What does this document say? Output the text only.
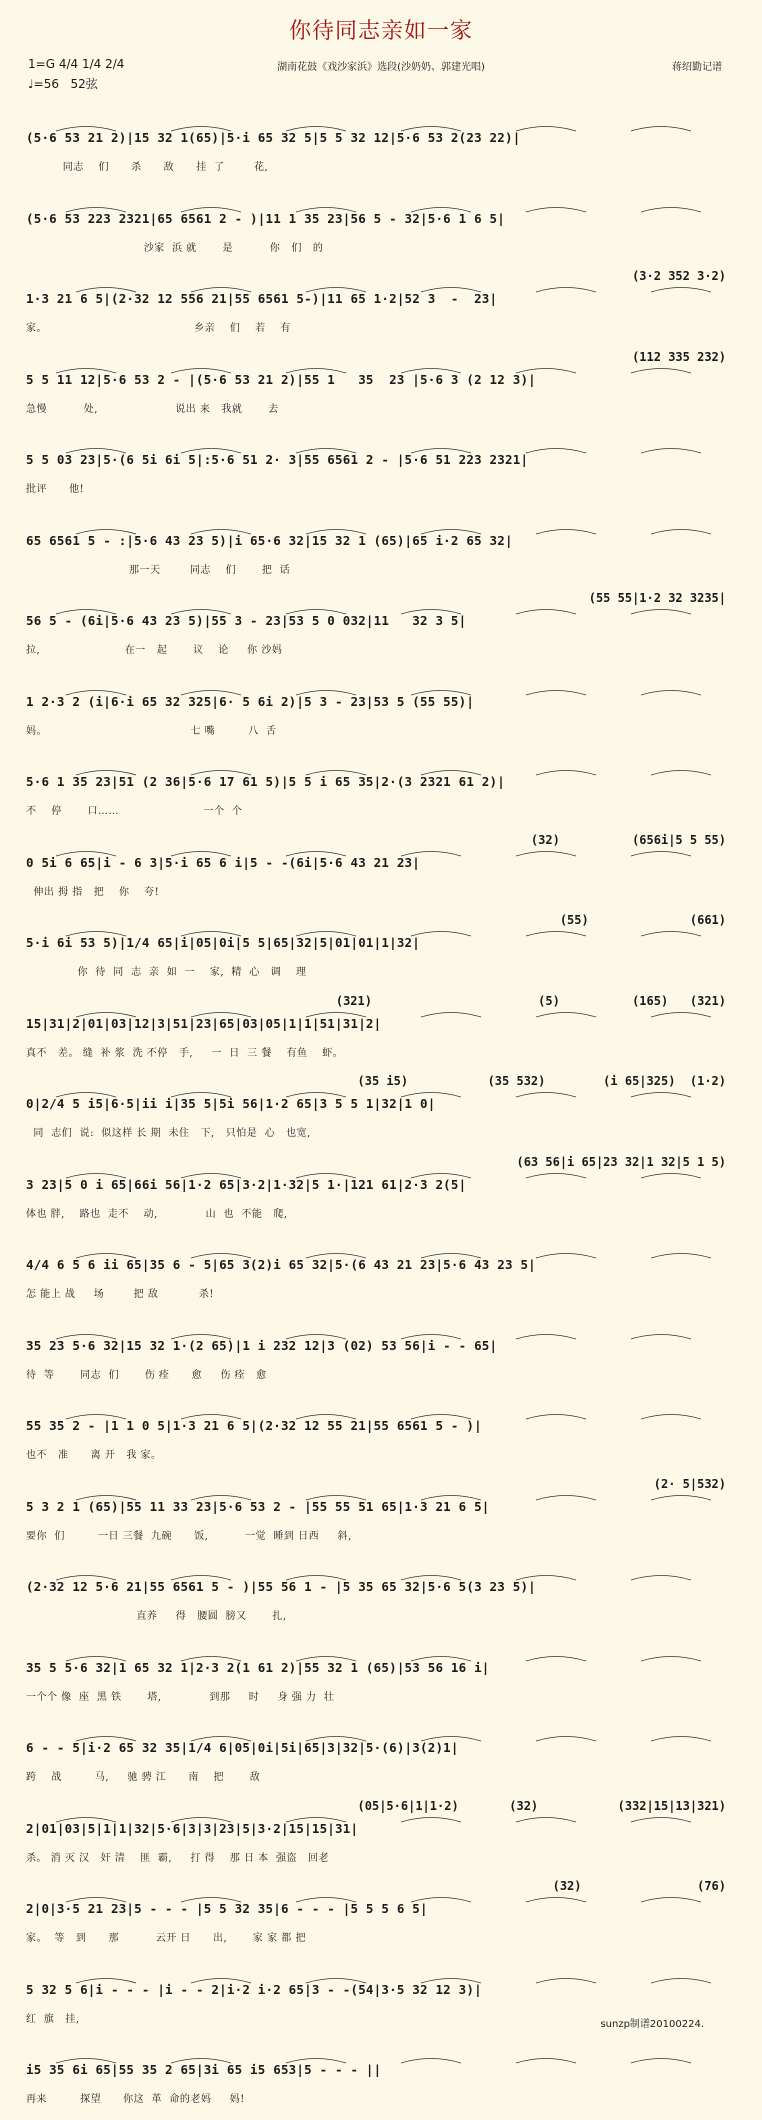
你待同志亲如一家
1=G 4/4 1/4 2/4
♩=56 52弦
湖南花鼓《戏沙家浜》选段(沙奶奶、郭建光唱)	蒋绍勤记谱
(5·6 53 21 2)|15 32 1(65)|5·i 65 32 5|5 5 32 12|5·6 53 2(23 22)|
同志    们      杀      敌      挂  了        花,
(5·6 53 223 2321|65 6561 2 - )|11 1 35 23|56 5 - 32|5·6 1 6 5|
沙家  浜 就       是          你   们   的
(3·2 352 3·2)
1·3 21 6 5|(2·32 12 556 21|55 6561 5-)|11 65 1·2|52 3  -  23|
家。                                        乡亲    们    若    有
(112 335 232)
5 5 11 12|5·6 53 2 - |(5·6 53 21 2)|55 1   35  23 |5·6 3 (2 12 3)|
急慢          处,                     说出 来   我就       去
5 5 03 23|5·(6 5i 6i 5|:5·6 51 2· 3|55 6561 2 - |5·6 51 223 2321|
批评      他!
65 6561 5 - :|5·6 43 23 5)|i 65·6 32|15 32 1 (65)|65 i·2 65 32|
那一天        同志    们       把  话
(55 55|1·2 32 3235|
56 5 - (6i|5·6 43 23 5)|55 3 - 23|53 5 0 032|11   32 3 5|
拉,                       在一   起       议    论     你 沙妈
1 2·3 2 (i|6·i 65 32 325|6· 5 6i 2)|5 3 - 23|53 5 (55 55)|
妈。                                       七 嘴         八  舌
5·6 1 35 23|51 (2 36|5·6 17 61 5)|5 5 i 65 35|2·(3 2321 61 2)|
不    停       口……                       一个  个
(32)          (656i|5 5 55)
0 5i 6 65|i - 6 3|5·i 65 6 i|5 - -(6i|5·6 43 21 23|
伸出 拇 指   把    你    夸!
(55)              (661)
5·i 6i 53 5)|1/4 65|i|05|0i|5 5|65|32|5|01|01|1|32|
你  待  同  志  亲  如  一    家,  精  心   调    理
(321)                       (5)          (165)   (321)
15|31|2|01|03|12|3|51|23|65|03|05|1|1|51|31|2|
真不   差。 缝  补 浆  洗 不停   手,     一  日  三 餐    有鱼    虾。
(35 i5)           (35 532)        (i 65|325)  (1·2)
0|2/4 5 i5|6·5|ii i|35 5|5i 56|1·2 65|3 5 5 1|32|1 0|
同  志们  说:  似这样 长 期  未住   下,   只怕是  心   也宽,
(63 56|i 65|23 32|1 32|5 1 5)
3 23|5 0 i 65|66i 56|1·2 65|3·2|1·32|5 1·|121 61|2·3 2(5|
体也 胖,    路也  走不    动,             山  也  不能   爬,
4/4 6 5 6 ii 65|35 6 - 5|65 3(2)i 65 32|5·(6 43 21 23|5·6 43 23 5|
怎 能上 战     场        把 敌           杀!
35 23 5·6 32|15 32 1·(2 65)|1 i 232 12|3 (02) 53 56|i - - 65|
待  等       同志  们       伤 痊      愈     伤 痊   愈
55 35 2 - |1 1 0 5|1·3 21 6 5|(2·32 12 55 21|55 6561 5 - )|
也不   准      离 开   我 家。
(2· 5|532)
5 3 2 1 (65)|55 11 33 23|5·6 53 2 - |55 55 51 65|1·3 21 6 5|
要你  们         一日 三餐  九碗      饭,          一觉  睡到 日西     斜,
(2·32 12 5·6 21|55 6561 5 - )|55 56 1 - |5 35 65 32|5·6 5(3 23 5)|
直养     得   腰圆  膀又       扎,
35 5 5·6 32|1 65 32 1|2·3 2(1 61 2)|55 32 1 (65)|53 56 16 i|
一个个 像  座  黑 铁       塔,             到那     时     身 强 力  壮
6 - - 5|i·2 65 32 35|1/4 6|05|0i|5i|65|3|32|5·(6)|3(2)1|
跨    战         马,     驰 骋 江      南    把       敌
(05|5·6|1|1·2)       (32)           (332|15|13|321)
2|01|03|5|1|1|32|5·6|3|3|23|5|3·2|15|15|31|
杀。 消 灭 汉   奸 清    匪  霸,     打 得    那 日 本  强盗   回老
(32)                (76)
2|0|3·5 21 23|5 - - - |5 5 32 35|6 - - - |5 5 5 6 5|
家。  等   到      那          云开 日      出,       家 家 都 把
5 32 5 6|i - - - |i - - 2|i·2 i·2 65|3 - -(54|3·5 32 12 3)|
红  旗   挂,
i5 35 6i 65|55 35 2 65|3i 65 i5 653|5 - - - ||
再来         探望      你这  革  命的老妈     妈!
sunzp制谱20100224.
